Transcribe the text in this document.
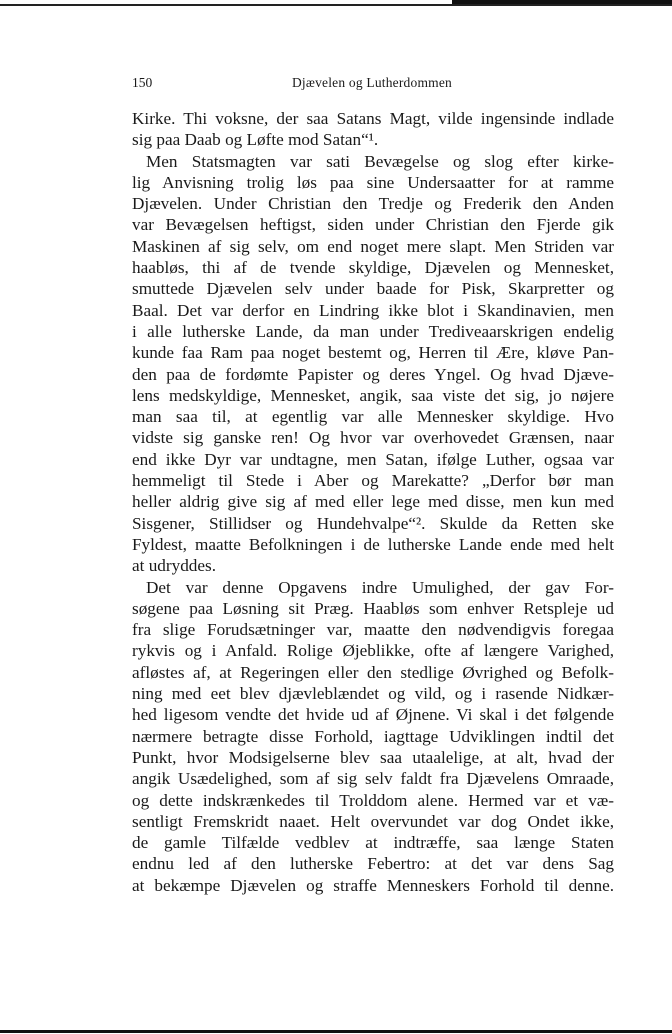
150	Djævelen og Lutherdommen
Kirke. Thi voksne, der saa Satans Magt, vilde ingensinde indlade
sig paa Daab og Løfte mod Satan“¹.
Men Statsmagten var sati Bevægelse og slog efter kirke-
lig Anvisning trolig løs paa sine Undersaatter for at ramme
Djævelen. Under Christian den Tredje og Frederik den Anden
var Bevægelsen heftigst, siden under Christian den Fjerde gik
Maskinen af sig selv, om end noget mere slapt. Men Striden var
haabløs, thi af de tvende skyldige, Djævelen og Mennesket,
smuttede Djævelen selv under baade for Pisk, Skarpretter og
Baal. Det var derfor en Lindring ikke blot i Skandinavien, men
i alle lutherske Lande, da man under Trediveaarskrigen endelig
kunde faa Ram paa noget bestemt og, Herren til Ære, kløve Pan-
den paa de fordømte Papister og deres Yngel. Og hvad Djæve-
lens medskyldige, Mennesket, angik, saa viste det sig, jo nøjere
man saa til, at egentlig var alle Mennesker skyldige. Hvo
vidste sig ganske ren! Og hvor var overhovedet Grænsen, naar
end ikke Dyr var undtagne, men Satan, ifølge Luther, ogsaa var
hemmeligt til Stede i Aber og Marekatte? „Derfor bør man
heller aldrig give sig af med eller lege med disse, men kun med
Sisgener, Stillidser og Hundehvalpe“². Skulde da Retten ske
Fyldest, maatte Befolkningen i de lutherske Lande ende med helt
at udryddes.
Det var denne Opgavens indre Umulighed, der gav For-
søgene paa Løsning sit Præg. Haabløs som enhver Retspleje ud
fra slige Forudsætninger var, maatte den nødvendigvis foregaa
rykvis og i Anfald. Rolige Øjeblikke, ofte af længere Varighed,
afløstes af, at Regeringen eller den stedlige Øvrighed og Befolk-
ning med eet blev djævleblændet og vild, og i rasende Nidkær-
hed ligesom vendte det hvide ud af Øjnene. Vi skal i det følgende
nærmere betragte disse Forhold, iagttage Udviklingen indtil det
Punkt, hvor Modsigelserne blev saa utaalelige, at alt, hvad der
angik Usædelighed, som af sig selv faldt fra Djævelens Omraade,
og dette indskrænkedes til Trolddom alene. Hermed var et væ-
sentligt Fremskridt naaet. Helt overvundet var dog Ondet ikke,
de gamle Tilfælde vedblev at indtræffe, saa længe Staten
endnu led af den lutherske Febertro: at det var dens Sag
at bekæmpe Djævelen og straffe Menneskers Forhold til denne.
